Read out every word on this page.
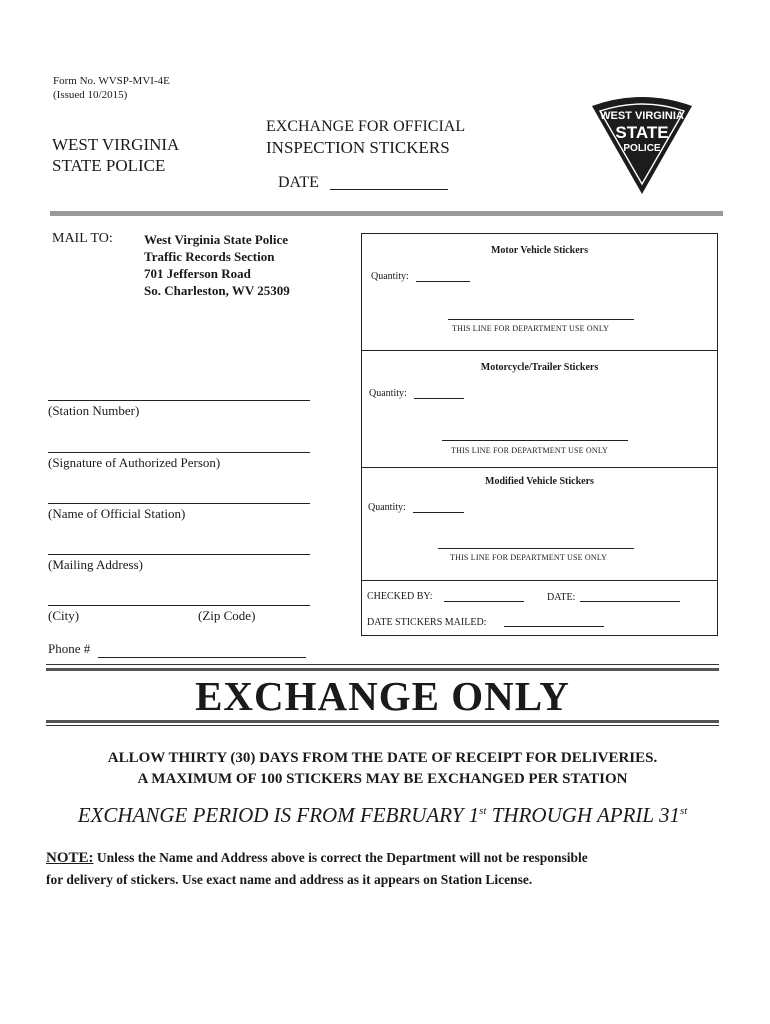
Form No. WVSP-MVI-4E
(Issued 10/2015)
WEST VIRGINIA
STATE POLICE
EXCHANGE FOR OFFICIAL
INSPECTION STICKERS
DATE
WEST VIRGINIA
STATE
POLICE
MAIL TO: West Virginia State Police
Traffic Records Section
701 Jefferson Road
So. Charleston, WV 25309
(Station Number)
(Signature of Authorized Person)
(Name of Official Station)
(Mailing Address)
(City)	(Zip Code)
Phone #
Motor Vehicle Stickers
Quantity:
THIS LINE FOR DEPARTMENT USE ONLY
Motorcycle/Trailer Stickers
Quantity:
THIS LINE FOR DEPARTMENT USE ONLY
Modified Vehicle Stickers
Quantity:
THIS LINE FOR DEPARTMENT USE ONLY
CHECKED BY:	DATE:
DATE STICKERS MAILED:
EXCHANGE ONLY
ALLOW THIRTY (30) DAYS FROM THE DATE OF RECEIPT FOR DELIVERIES.
A MAXIMUM OF 100 STICKERS MAY BE EXCHANGED PER STATION
EXCHANGE PERIOD IS FROM FEBRUARY 1st THROUGH APRIL 31st
NOTE: Unless the Name and Address above is correct the Department will not be responsible
for delivery of stickers. Use exact name and address as it appears on Station License.
